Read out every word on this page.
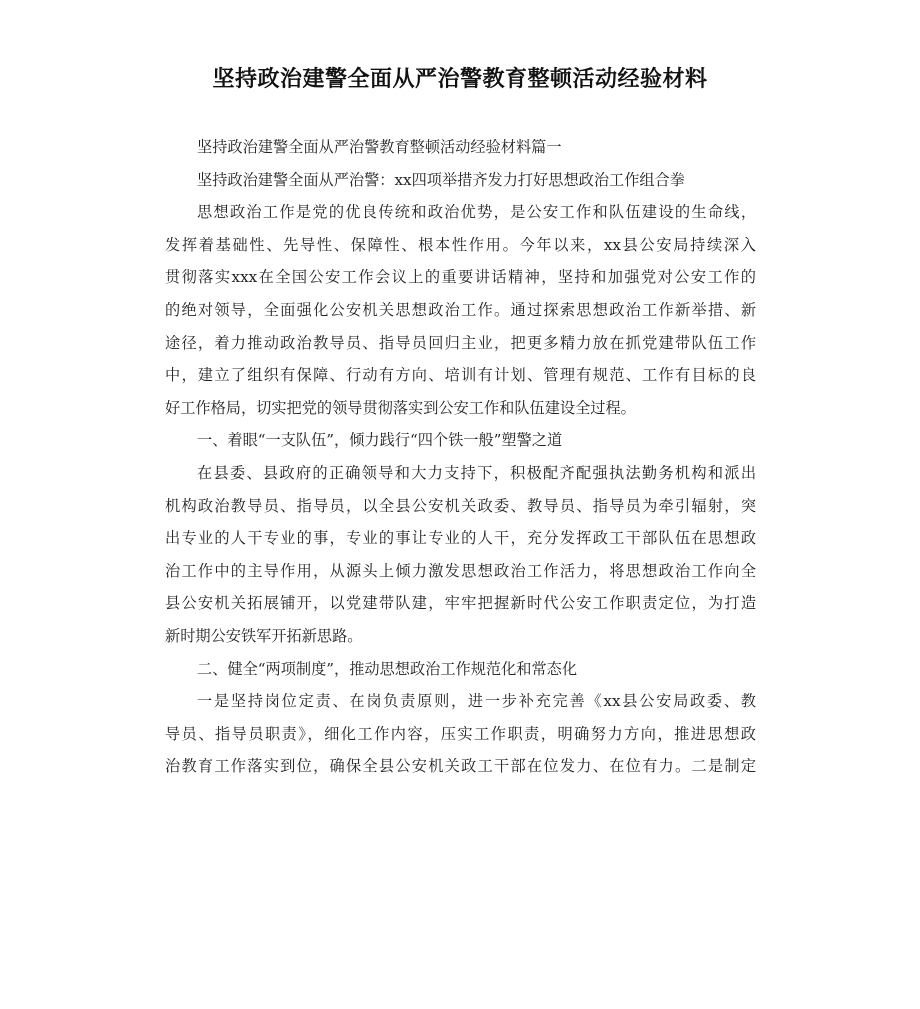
坚持政治建警全面从严治警教育整顿活动经验材料
坚持政治建警全面从严治警教育整顿活动经验材料篇一
坚持政治建警全面从严治警：xx四项举措齐发力打好思想政治工作组合拳
思想政治工作是党的优良传统和政治优势，是公安工作和队伍建设的生命线，
发挥着基础性、先导性、保障性、根本性作用。今年以来，xx县公安局持续深入
贯彻落实xxx在全国公安工作会议上的重要讲话精神，坚持和加强党对公安工作的
的绝对领导，全面强化公安机关思想政治工作。通过探索思想政治工作新举措、新
途径，着力推动政治教导员、指导员回归主业，把更多精力放在抓党建带队伍工作
中，建立了组织有保障、行动有方向、培训有计划、管理有规范、工作有目标的良
好工作格局，切实把党的领导贯彻落实到公安工作和队伍建设全过程。
一、着眼“一支队伍”，倾力践行“四个铁一般”塑警之道
在县委、县政府的正确领导和大力支持下，积极配齐配强执法勤务机构和派出
机构政治教导员、指导员，以全县公安机关政委、教导员、指导员为牵引辐射，突
出专业的人干专业的事，专业的事让专业的人干，充分发挥政工干部队伍在思想政
治工作中的主导作用，从源头上倾力激发思想政治工作活力，将思想政治工作向全
县公安机关拓展铺开，以党建带队建，牢牢把握新时代公安工作职责定位，为打造
新时期公安铁军开拓新思路。
二、健全“两项制度”，推动思想政治工作规范化和常态化
一是坚持岗位定责、在岗负责原则，进一步补充完善《xx县公安局政委、教
导员、指导员职责》，细化工作内容，压实工作职责，明确努力方向，推进思想政
治教育工作落实到位，确保全县公安机关政工干部在位发力、在位有力。二是制定
